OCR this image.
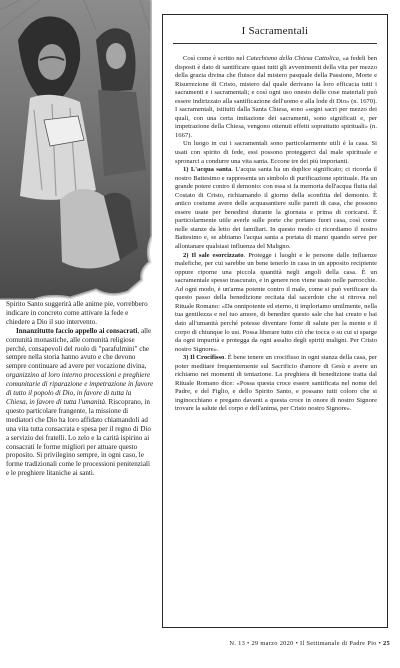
Spirito Santo suggerirà alle anime pie, vorrebbero indicare in concreto come attivare la fede e chiedere a Dio il suo intervento.

Innanzitutto faccio appello ai consacrati, alle comunità monastiche, alle comunità religiose perché, consapevoli del ruolo di "parafulmini" che sempre nella storia hanno avuto e che devono sempre continuare ad avere per vocazione divina, organizzino al loro interno processioni e preghiere comunitarie di riparazione e impetrazione in favore di tutto il popolo di Dio, in favore di tutta la Chiesa, in favore di tutta l'umanità. Riscoprano, in questo particolare frangente, la missione di mediatori che Dio ha loro affidato chiamandoli ad una vita tutta consacrata e spesa per il regno di Dio a servizio dei fratelli. Lo zelo e la carità ispirino ai consacrati le forme migliori per attuare questo proposito. Si privilegino sempre, in ogni caso, le forme tradizionali come le processioni penitenziali e le preghiere litaniche ai santi.

I Sacramentali

Così come è scritto nel Catechismo della Chiesa Cattolica, «a fedeli ben disposti è dato di santificare quasi tutti gli avvenimenti della vita per mezzo della grazia divina che fluisce dal mistero pasquale della Passione, Morte e Risurrezione di Cristo, mistero dal quale derivano la loro efficacia tutti i sacramenti e i sacramentali; e così ogni uso onesto delle cose materiali può essere indirizzato alla santificazione dell'uomo e alla lode di Dio» (n. 1670). I sacramentali, istituiti dalla Santa Chiesa, sono «segni sacri per mezzo dei quali, con una certa imitazione dei sacramenti, sono significati e, per impetrazione della Chiesa, vengono ottenuti effetti soprattutto spirituali» (n. 1667).

Un luogo in cui i sacramentali sono particolarmente utili è la casa. Si usati con spirito di fede, essi possono proteggerci dal male spirituale e spronarci a condurre una vita santa. Eccone tre dei più importanti.

1) L'acqua santa. L'acqua santa ha un duplice significato; ci ricorda il nostro Battesimo e rappresenta un simbolo di purificazione spirituale. Ha un grande potere contro il demonio: con essa si fa memoria dell'acqua fluita dal Costato di Cristo, richiamando il giorno della sconfitta del demonio. È antico costume avere delle acquasantiere sulle pareti di casa, che possono essere usate per benedirsi durante la giornata e prima di coricarsi. È particolarmente utile averle sulle porte che portano fuori casa, così come nelle stanze da letto dei familiari. In questo modo ci ricordiamo il nostro Battesimo e, se abbiamo l'acqua santa a portata di mano quando serve per allontanare qualsiasi influenza del Maligno.

2) Il sale esorcizzato. Protegge i luoghi e le persone dalle influenze malefiche, per cui sarebbe un bene tenerlo in casa in un apposito recipiente oppure riporne una piccola quantità negli angoli della casa. È un sacramentale spesso trascurato, e in genere non viene usato nelle parrocchie. Ad ogni modo, è un'arma potente contro il male, come si può verificare da questo passo della benedizione recitata dal sacerdote che si ritrova nel Rituale Romano: «Da onnipotente ed eterno, ti imploriamo umilmente, nella tua gentilezza e nel tuo amore, di benedire questo sale che hai creato e hai dato all'umanità perché potesse diventare fonte di salute per la mente e il corpo di chiunque lo usi. Possa liberare tutto ciò che tocca o su cui si sparge da ogni impurità e protegga da ogni assalto degli spiriti maligni. Per Cristo nostro Signore».

3) Il Crocifisso. È bene tenere un crocifisso in ogni stanza della casa, per poter meditare frequentemente sul Sacrificio d'amore di Gesù e avere un richiamo nei momenti di tentazione. La preghiera di benedizione tratta dal Rituale Romano dice: «Possa questa croce essere santificata nel nome del Padre, e del Figlio, e dello Spirito Santo, e possano tutti coloro che si inginocchiano e pregano davanti a questa croce in onore di nostro Signore trovare la salute del corpo e dell'anima, per Cristo nostro Signore».

N. 13 • 29 marzo 2020 • Il Settimanale di Padre Pio • 25
